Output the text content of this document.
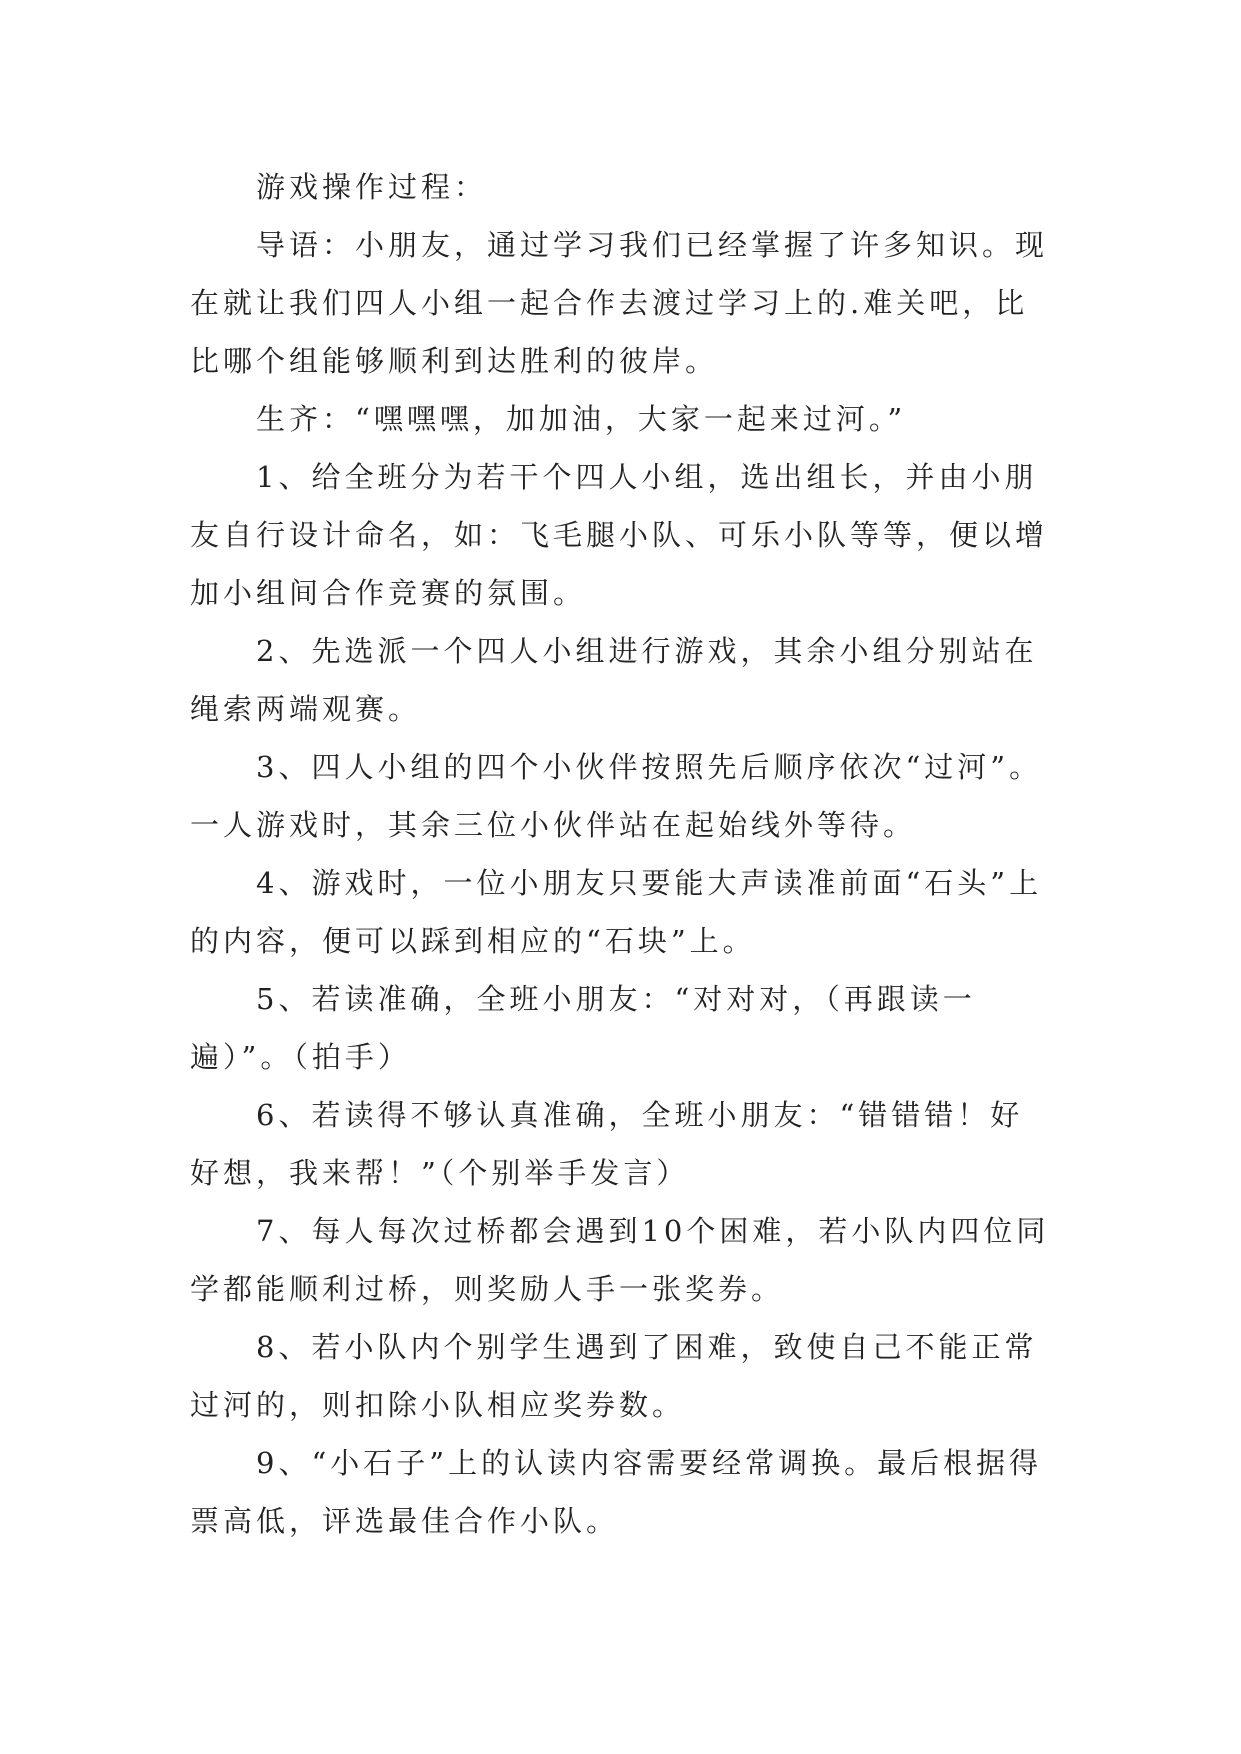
游戏操作过程：
导语：小朋友，通过学习我们已经掌握了许多知识。现在就让我们四人小组一起合作去渡过学习上的.难关吧，比比哪个组能够顺利到达胜利的彼岸。
生齐：“嘿嘿嘿，加加油，大家一起来过河。”
1、给全班分为若干个四人小组，选出组长，并由小朋友自行设计命名，如：飞毛腿小队、可乐小队等等，便以增加小组间合作竞赛的氛围。
2、先选派一个四人小组进行游戏，其余小组分别站在绳索两端观赛。
3、四人小组的四个小伙伴按照先后顺序依次“过河”。一人游戏时，其余三位小伙伴站在起始线外等待。
4、游戏时，一位小朋友只要能大声读准前面“石头”上的内容，便可以踩到相应的“石块”上。
5、若读准确，全班小朋友：“对对对，（再跟读一遍）”。（拍手）
6、若读得不够认真准确，全班小朋友：“错错错！好好想，我来帮！”（个别举手发言）
7、每人每次过桥都会遇到10个困难，若小队内四位同学都能顺利过桥，则奖励人手一张奖券。
8、若小队内个别学生遇到了困难，致使自己不能正常过河的，则扣除小队相应奖券数。
9、“小石子”上的认读内容需要经常调换。最后根据得票高低，评选最佳合作小队。
